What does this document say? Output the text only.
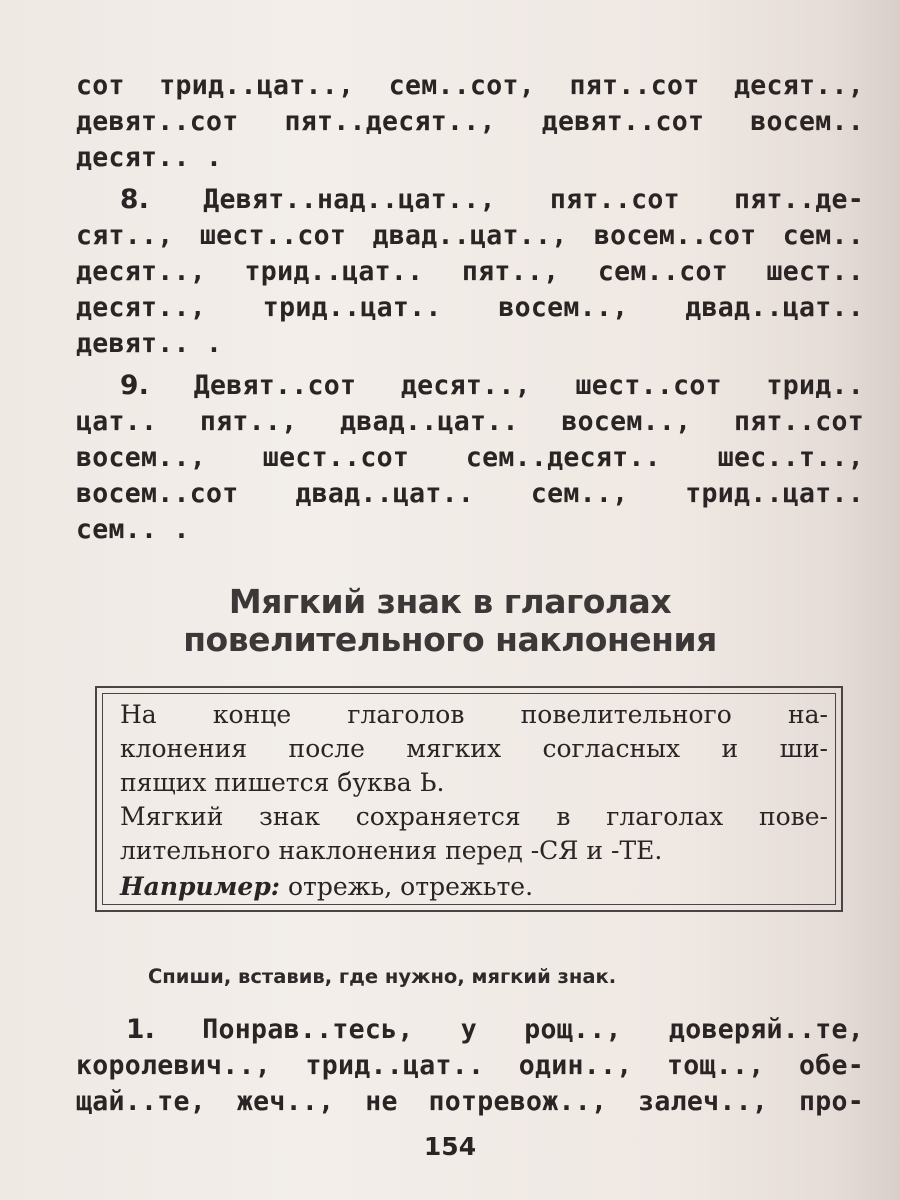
сот трид..цат.., сем..сот, пят..сот десят..,
девят..сот пят..десят.., девят..сот восем..
десят.. .
8. Девят..над..цат.., пят..сот пят..де-
сят.., шест..сот двад..цат.., восем..сот сем..
десят.., трид..цат.. пят.., сем..сот шест..
десят.., трид..цат.. восем.., двад..цат..
девят.. .
9. Девят..сот десят.., шест..сот трид..
цат.. пят.., двад..цат.. восем.., пят..сот
восем.., шест..сот сем..десят.. шес..т..,
восем..сот двад..цат.. сем.., трид..цат..
сем.. .
Мягкий знак в глаголах
повелительного наклонения
На конце глаголов повелительного на-
клонения после мягких согласных и ши-
пящих пишется буква Ь.
Мягкий знак сохраняется в глаголах пове-
лительного наклонения перед -СЯ и -ТЕ.
Например: отрежь, отрежьте.
Спиши, вставив, где нужно, мягкий знак.
1. Понрав..тесь, у рощ.., доверяй..те,
королевич.., трид..цат.. один.., тощ.., обе-
щай..те, жеч.., не потревож.., залеч.., про-
154
